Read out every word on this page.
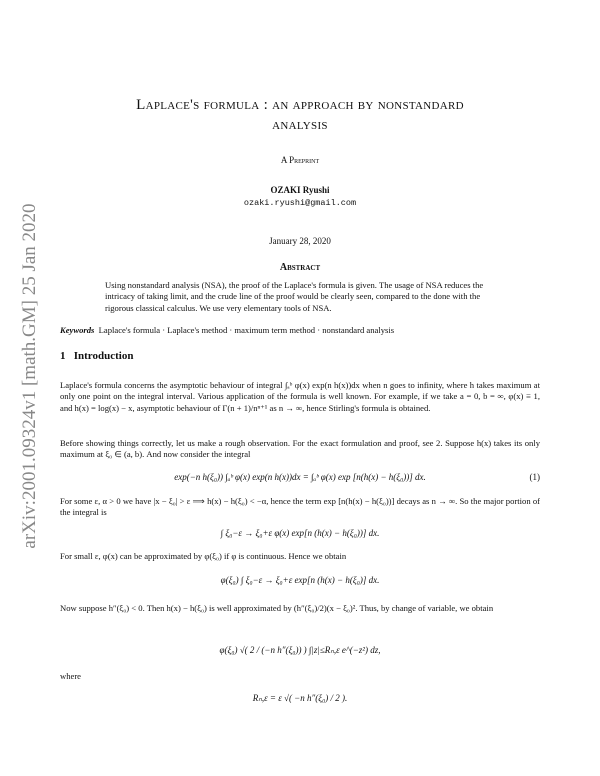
arXiv:2001.09324v1 [math.GM] 25 Jan 2020
Laplace's formula : an approach by nonstandard
analysis
A Preprint
OZAKI Ryushi
ozaki.ryushi@gmail.com
January 28, 2020
Abstract
Using nonstandard analysis (NSA), the proof of the Laplace's formula is given. The usage of NSA reduces the intricacy of taking limit, and the crude line of the proof would be clearly seen, compared to the done with the rigorous classical calculus. We use very elementary tools of NSA.
Keywords Laplace's formula · Laplace's method · maximum term method · nonstandard analysis
1 Introduction
Laplace's formula concerns the asymptotic behaviour of integral ∫ₐᵇ φ(x) exp(n h(x))dx when n goes to infinity, where h takes maximum at only one point on the integral interval. Various application of the formula is well known. For example, if we take a = 0, b = ∞, φ(x) ≡ 1, and h(x) = log(x) − x, asymptotic behaviour of Γ(n + 1)/nⁿ⁺¹ as n → ∞, hence Stirling's formula is obtained.
Before showing things correctly, let us make a rough observation. For the exact formulation and proof, see 2. Suppose h(x) takes its only maximum at ξ₀ ∈ (a, b). And now consider the integral
exp(−n h(ξ₀)) ∫ₐᵇ φ(x) exp(n h(x))dx = ∫ₐᵇ φ(x) exp [n(h(x) − h(ξ₀))] dx.	(1)
For some ε, α > 0 we have |x − ξ₀| > ε ⟹ h(x) − h(ξ₀) < −α, hence the term exp [n(h(x) − h(ξ₀))] decays as n → ∞. So the major portion of the integral is
∫ ξ₀−ε → ξ₀+ε φ(x) exp[n (h(x) − h(ξ₀))] dx.
For small ε, φ(x) can be approximated by φ(ξ₀) if φ is continuous. Hence we obtain
φ(ξ₀) ∫ ξ₀−ε → ξ₀+ε exp[n (h(x) − h(ξ₀)] dx.
Now suppose h″(ξ₀) < 0. Then h(x) − h(ξ₀) is well approximated by (h″(ξ₀)/2)(x − ξ₀)². Thus, by change of variable, we obtain
φ(ξ₀) √( 2 / (−n h″(ξ₀)) ) ∫|z|≤Rₙ,ε e^(−z²) dz,
where
Rₙ,ε = ε √( −n h″(ξ₀) / 2 ).
